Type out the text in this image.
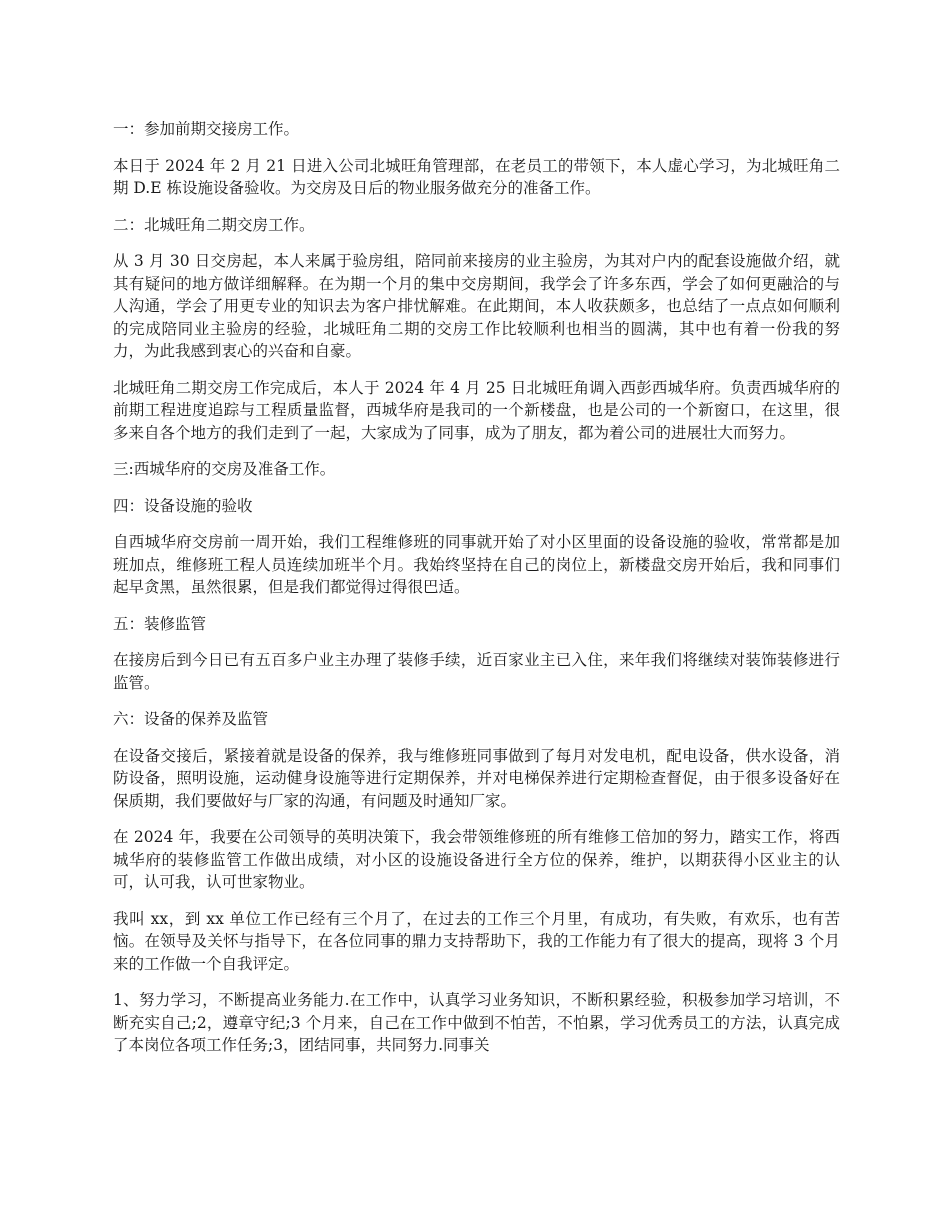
一：参加前期交接房工作。

本日于 2024 年 2 月 21 日进入公司北城旺角管理部，在老员工的带领下，本人虚心学习，为北城旺角二期 D.E 栋设施设备验收。为交房及日后的物业服务做充分的准备工作。

二：北城旺角二期交房工作。

从 3 月 30 日交房起，本人来属于验房组，陪同前来接房的业主验房，为其对户内的配套设施做介绍，就其有疑问的地方做详细解释。在为期一个月的集中交房期间，我学会了许多东西，学会了如何更融洽的与人沟通，学会了用更专业的知识去为客户排忧解难。在此期间，本人收获颇多，也总结了一点点如何顺利的完成陪同业主验房的经验，北城旺角二期的交房工作比较顺利也相当的圆满，其中也有着一份我的努力，为此我感到衷心的兴奋和自豪。

北城旺角二期交房工作完成后，本人于 2024 年 4 月 25 日北城旺角调入西彭西城华府。负责西城华府的前期工程进度追踪与工程质量监督，西城华府是我司的一个新楼盘，也是公司的一个新窗口，在这里，很多来自各个地方的我们走到了一起，大家成为了同事，成为了朋友，都为着公司的进展壮大而努力。

三:西城华府的交房及准备工作。

四：设备设施的验收

自西城华府交房前一周开始，我们工程维修班的同事就开始了对小区里面的设备设施的验收，常常都是加班加点，维修班工程人员连续加班半个月。我始终坚持在自己的岗位上，新楼盘交房开始后，我和同事们起早贪黑，虽然很累，但是我们都觉得过得很巴适。

五：装修监管

在接房后到今日已有五百多户业主办理了装修手续，近百家业主已入住，来年我们将继续对装饰装修进行监管。

六：设备的保养及监管

在设备交接后，紧接着就是设备的保养，我与维修班同事做到了每月对发电机，配电设备，供水设备，消防设备，照明设施，运动健身设施等进行定期保养，并对电梯保养进行定期检查督促，由于很多设备好在保质期，我们要做好与厂家的沟通，有问题及时通知厂家。

在 2024 年，我要在公司领导的英明决策下，我会带领维修班的所有维修工倍加的努力，踏实工作，将西城华府的装修监管工作做出成绩，对小区的设施设备进行全方位的保养，维护，以期获得小区业主的认可，认可我，认可世家物业。

我叫 xx，到 xx 单位工作已经有三个月了，在过去的工作三个月里，有成功，有失败，有欢乐，也有苦恼。在领导及关怀与指导下，在各位同事的鼎力支持帮助下，我的工作能力有了很大的提高，现将 3 个月来的工作做一个自我评定。

1、努力学习，不断提高业务能力.在工作中，认真学习业务知识，不断积累经验，积极参加学习培训，不断充实自己;2，遵章守纪;3 个月来，自己在工作中做到不怕苦，不怕累，学习优秀员工的方法，认真完成了本岗位各项工作任务;3，团结同事，共同努力.同事关
